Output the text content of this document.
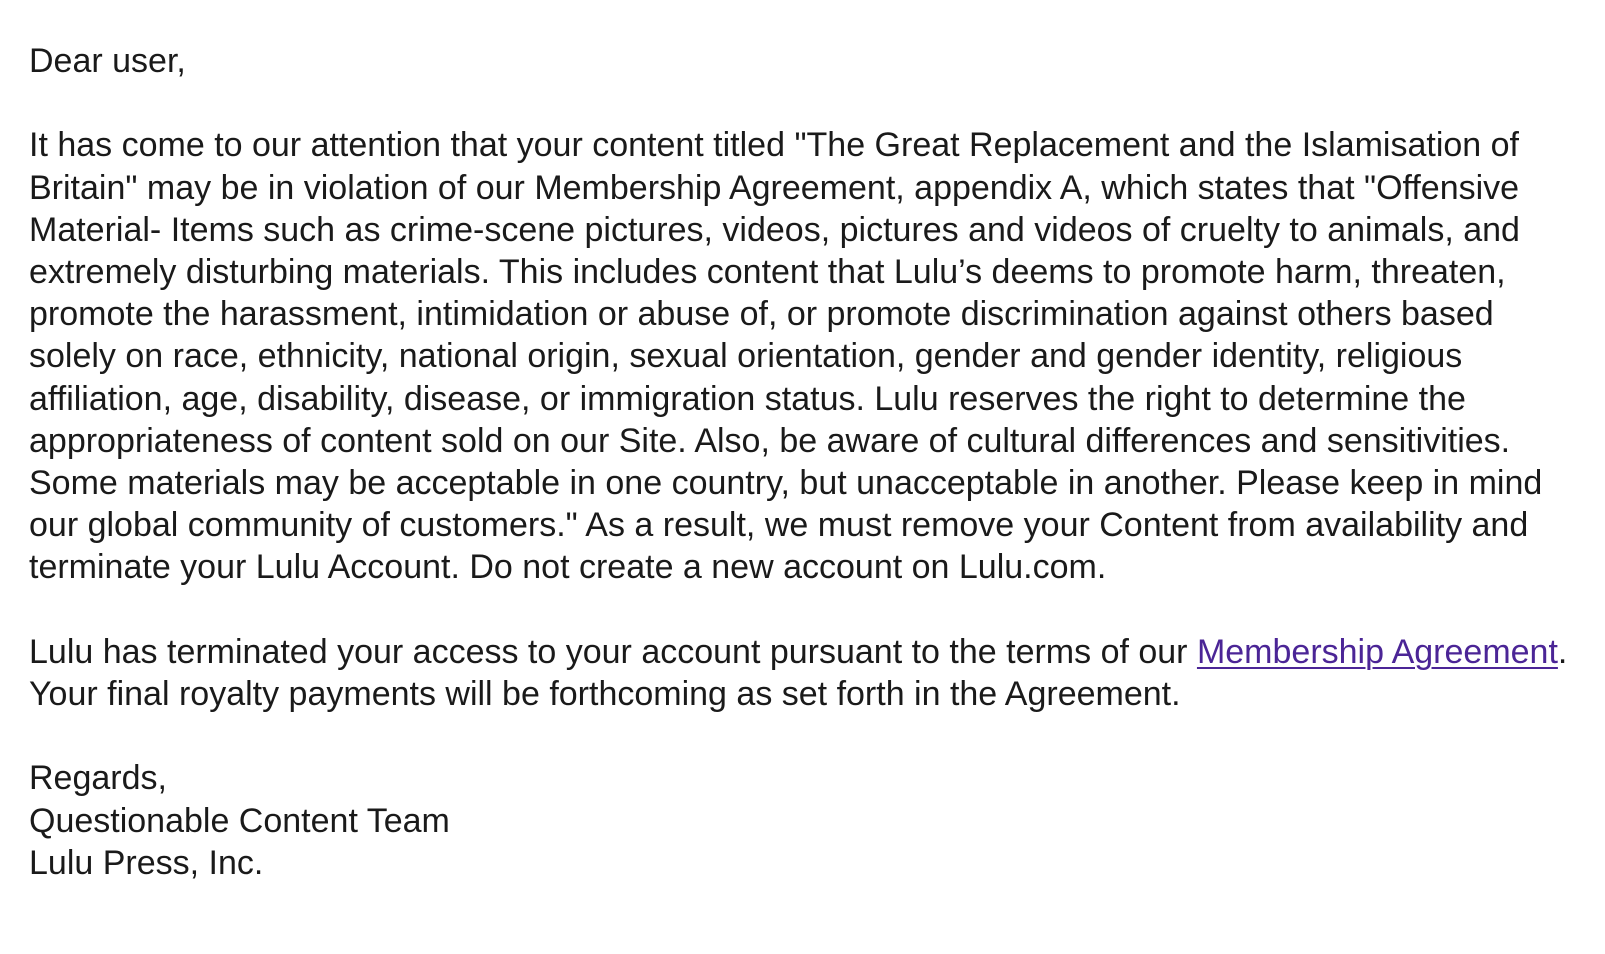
Dear user,

It has come to our attention that your content titled "The Great Replacement and the Islamisation of Britain" may be in violation of our Membership Agreement, appendix A, which states that "Offensive Material- Items such as crime-scene pictures, videos, pictures and videos of cruelty to animals, and extremely disturbing materials. This includes content that Lulu’s deems to promote harm, threaten, promote the harassment, intimidation or abuse of, or promote discrimination against others based solely on race, ethnicity, national origin, sexual orientation, gender and gender identity, religious affiliation, age, disability, disease, or immigration status. Lulu reserves the right to determine the appropriateness of content sold on our Site. Also, be aware of cultural differences and sensitivities. Some materials may be acceptable in one country, but unacceptable in another. Please keep in mind our global community of customers." As a result, we must remove your Content from availability and terminate your Lulu Account. Do not create a new account on Lulu.com.

Lulu has terminated your access to your account pursuant to the terms of our Membership Agreement. Your final royalty payments will be forthcoming as set forth in the Agreement.

Regards,
Questionable Content Team
Lulu Press, Inc.
